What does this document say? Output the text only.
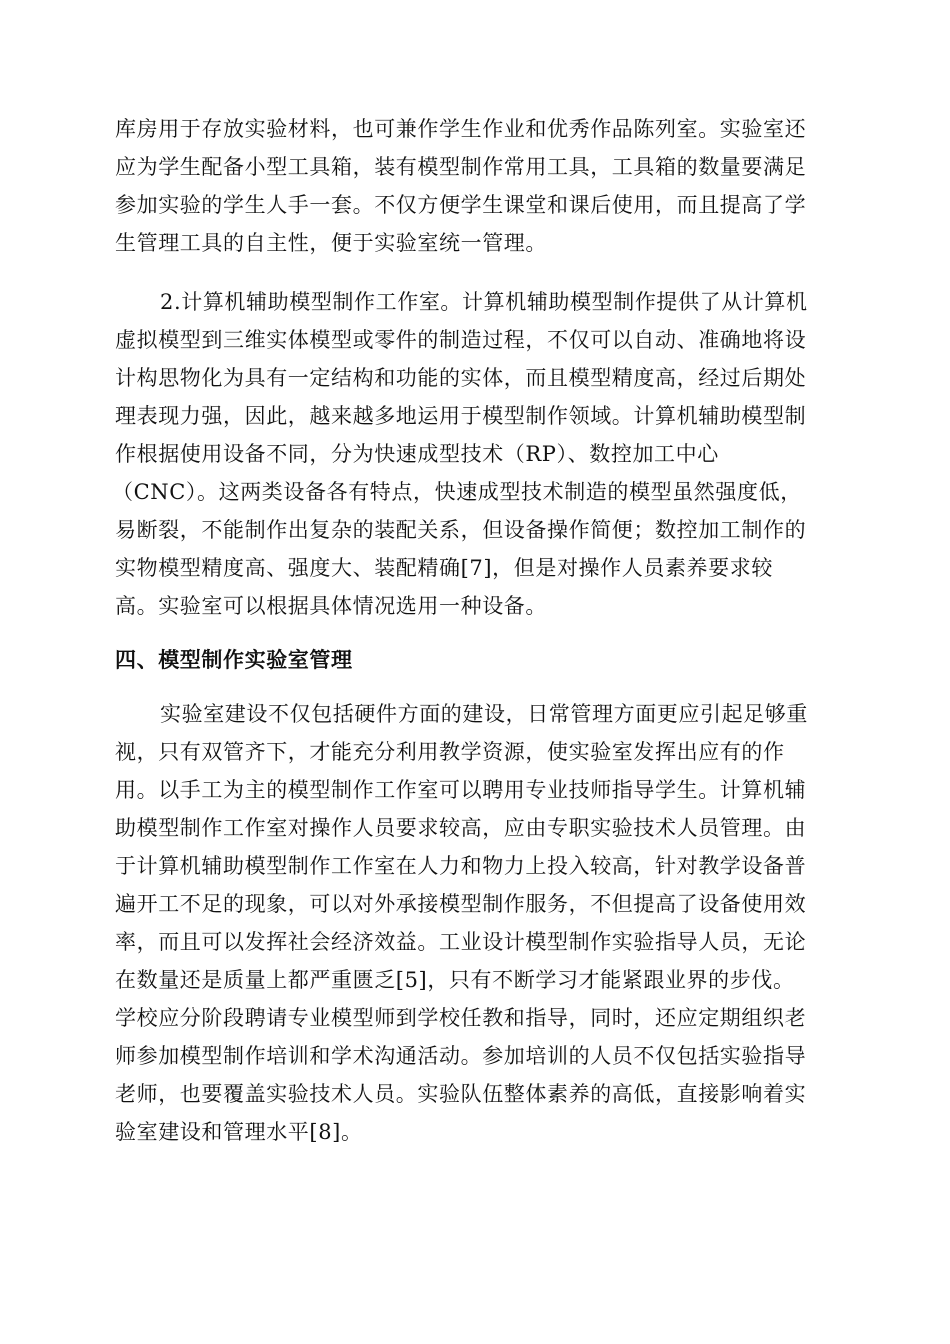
库房用于存放实验材料，也可兼作学生作业和优秀作品陈列室。实验室还
应为学生配备小型工具箱，装有模型制作常用工具，工具箱的数量要满足
参加实验的学生人手一套。不仅方便学生课堂和课后使用，而且提高了学
生管理工具的自主性，便于实验室统一管理。
2.计算机辅助模型制作工作室。计算机辅助模型制作提供了从计算机
虚拟模型到三维实体模型或零件的制造过程，不仅可以自动、准确地将设
计构思物化为具有一定结构和功能的实体，而且模型精度高，经过后期处
理表现力强，因此，越来越多地运用于模型制作领域。计算机辅助模型制
作根据使用设备不同，分为快速成型技术（RP）、数控加工中心
（CNC）。这两类设备各有特点，快速成型技术制造的模型虽然强度低，
易断裂，不能制作出复杂的装配关系，但设备操作简便；数控加工制作的
实物模型精度高、强度大、装配精确[7]，但是对操作人员素养要求较
高。实验室可以根据具体情况选用一种设备。
四、模型制作实验室管理
实验室建设不仅包括硬件方面的建设，日常管理方面更应引起足够重
视，只有双管齐下，才能充分利用教学资源，使实验室发挥出应有的作
用。以手工为主的模型制作工作室可以聘用专业技师指导学生。计算机辅
助模型制作工作室对操作人员要求较高，应由专职实验技术人员管理。由
于计算机辅助模型制作工作室在人力和物力上投入较高，针对教学设备普
遍开工不足的现象，可以对外承接模型制作服务，不但提高了设备使用效
率，而且可以发挥社会经济效益。工业设计模型制作实验指导人员，无论
在数量还是质量上都严重匮乏[5]，只有不断学习才能紧跟业界的步伐。
学校应分阶段聘请专业模型师到学校任教和指导，同时，还应定期组织老
师参加模型制作培训和学术沟通活动。参加培训的人员不仅包括实验指导
老师，也要覆盖实验技术人员。实验队伍整体素养的高低，直接影响着实
验室建设和管理水平[8]。
